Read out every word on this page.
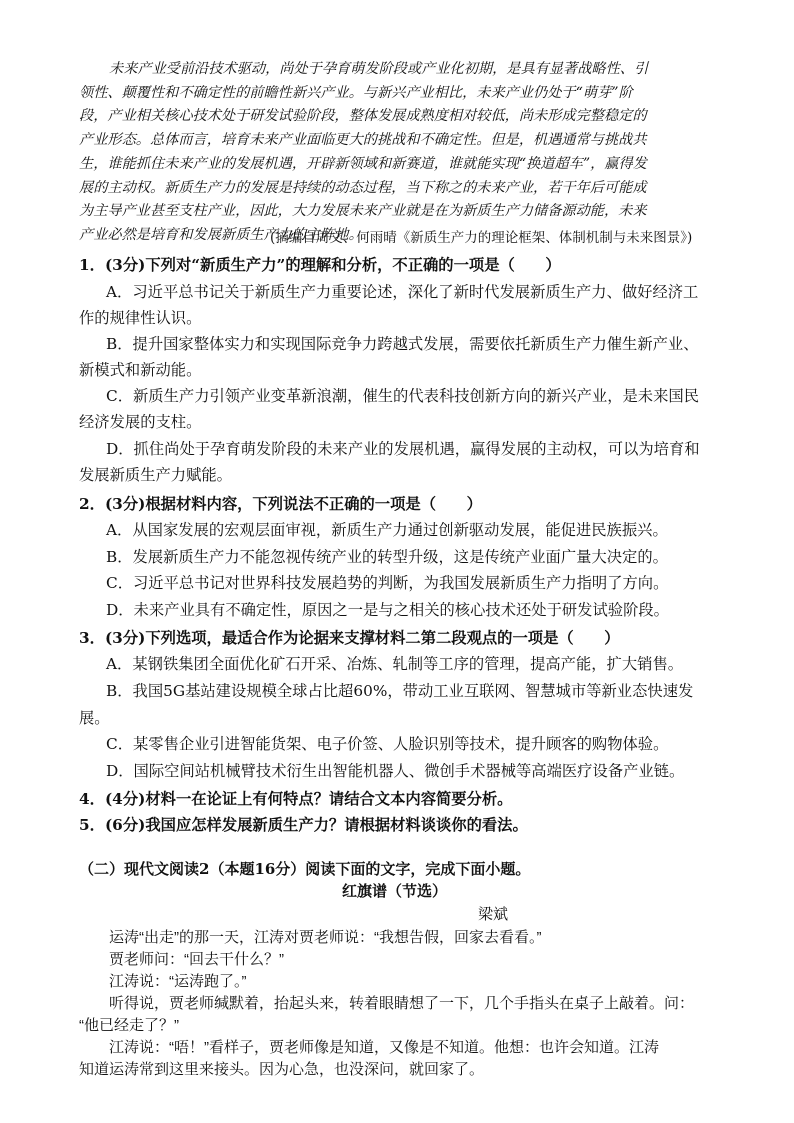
未来产业受前沿技术驱动，尚处于孕育萌发阶段或产业化初期，是具有显著战略性、引
领性、颠覆性和不确定性的前瞻性新兴产业。与新兴产业相比，未来产业仍处于“萌芽”阶
段，产业相关核心技术处于研发试验阶段，整体发展成熟度相对较低，尚未形成完整稳定的
产业形态。总体而言，培育未来产业面临更大的挑战和不确定性。但是，机遇通常与挑战共
生，谁能抓住未来产业的发展机遇，开辟新领域和新赛道，谁就能实现“换道超车”，赢得发
展的主动权。新质生产力的发展是持续的动态过程，当下称之的未来产业，若干年后可能成
为主导产业甚至支柱产业，因此，大力发展未来产业就是在为新质生产力储备源动能，未来
产业必然是培育和发展新质生产力的主阵地。
(摘编自周文、何雨晴《新质生产力的理论框架、体制机制与未来图景》)
1．(3分)下列对“新质生产力”的理解和分析，不正确的一项是（　　）
A．习近平总书记关于新质生产力重要论述，深化了新时代发展新质生产力、做好经济工
作的规律性认识。
B．提升国家整体实力和实现国际竞争力跨越式发展，需要依托新质生产力催生新产业、
新模式和新动能。
C．新质生产力引领产业变革新浪潮，催生的代表科技创新方向的新兴产业，是未来国民
经济发展的支柱。
D．抓住尚处于孕育萌发阶段的未来产业的发展机遇，赢得发展的主动权，可以为培育和
发展新质生产力赋能。
2．(3分)根据材料内容，下列说法不正确的一项是（　　）
A．从国家发展的宏观层面审视，新质生产力通过创新驱动发展，能促进民族振兴。
B．发展新质生产力不能忽视传统产业的转型升级，这是传统产业面广量大决定的。
C．习近平总书记对世界科技发展趋势的判断，为我国发展新质生产力指明了方向。
D．未来产业具有不确定性，原因之一是与之相关的核心技术还处于研发试验阶段。
3．(3分)下列选项，最适合作为论据来支撑材料二第二段观点的一项是（　　）
A．某钢铁集团全面优化矿石开采、冶炼、轧制等工序的管理，提高产能，扩大销售。
B．我国5G基站建设规模全球占比超60%，带动工业互联网、智慧城市等新业态快速发
展。
C．某零售企业引进智能货架、电子价签、人脸识别等技术，提升顾客的购物体验。
D．国际空间站机械臂技术衍生出智能机器人、微创手术器械等高端医疗设备产业链。
4．(4分)材料一在论证上有何特点？请结合文本内容简要分析。
5．(6分)我国应怎样发展新质生产力？请根据材料谈谈你的看法。
（二）现代文阅读2（本题16分）阅读下面的文字，完成下面小题。
红旗谱（节选）
梁斌
运涛“出走”的那一天，江涛对贾老师说：“我想告假，回家去看看。”
贾老师问：“回去干什么？”
江涛说：“运涛跑了。”
听得说，贾老师缄默着，抬起头来，转着眼睛想了一下，几个手指头在桌子上敲着。问：
“他已经走了？”
江涛说：“唔！”看样子，贾老师像是知道，又像是不知道。他想：也许会知道。江涛
知道运涛常到这里来接头。因为心急，也没深问，就回家了。
